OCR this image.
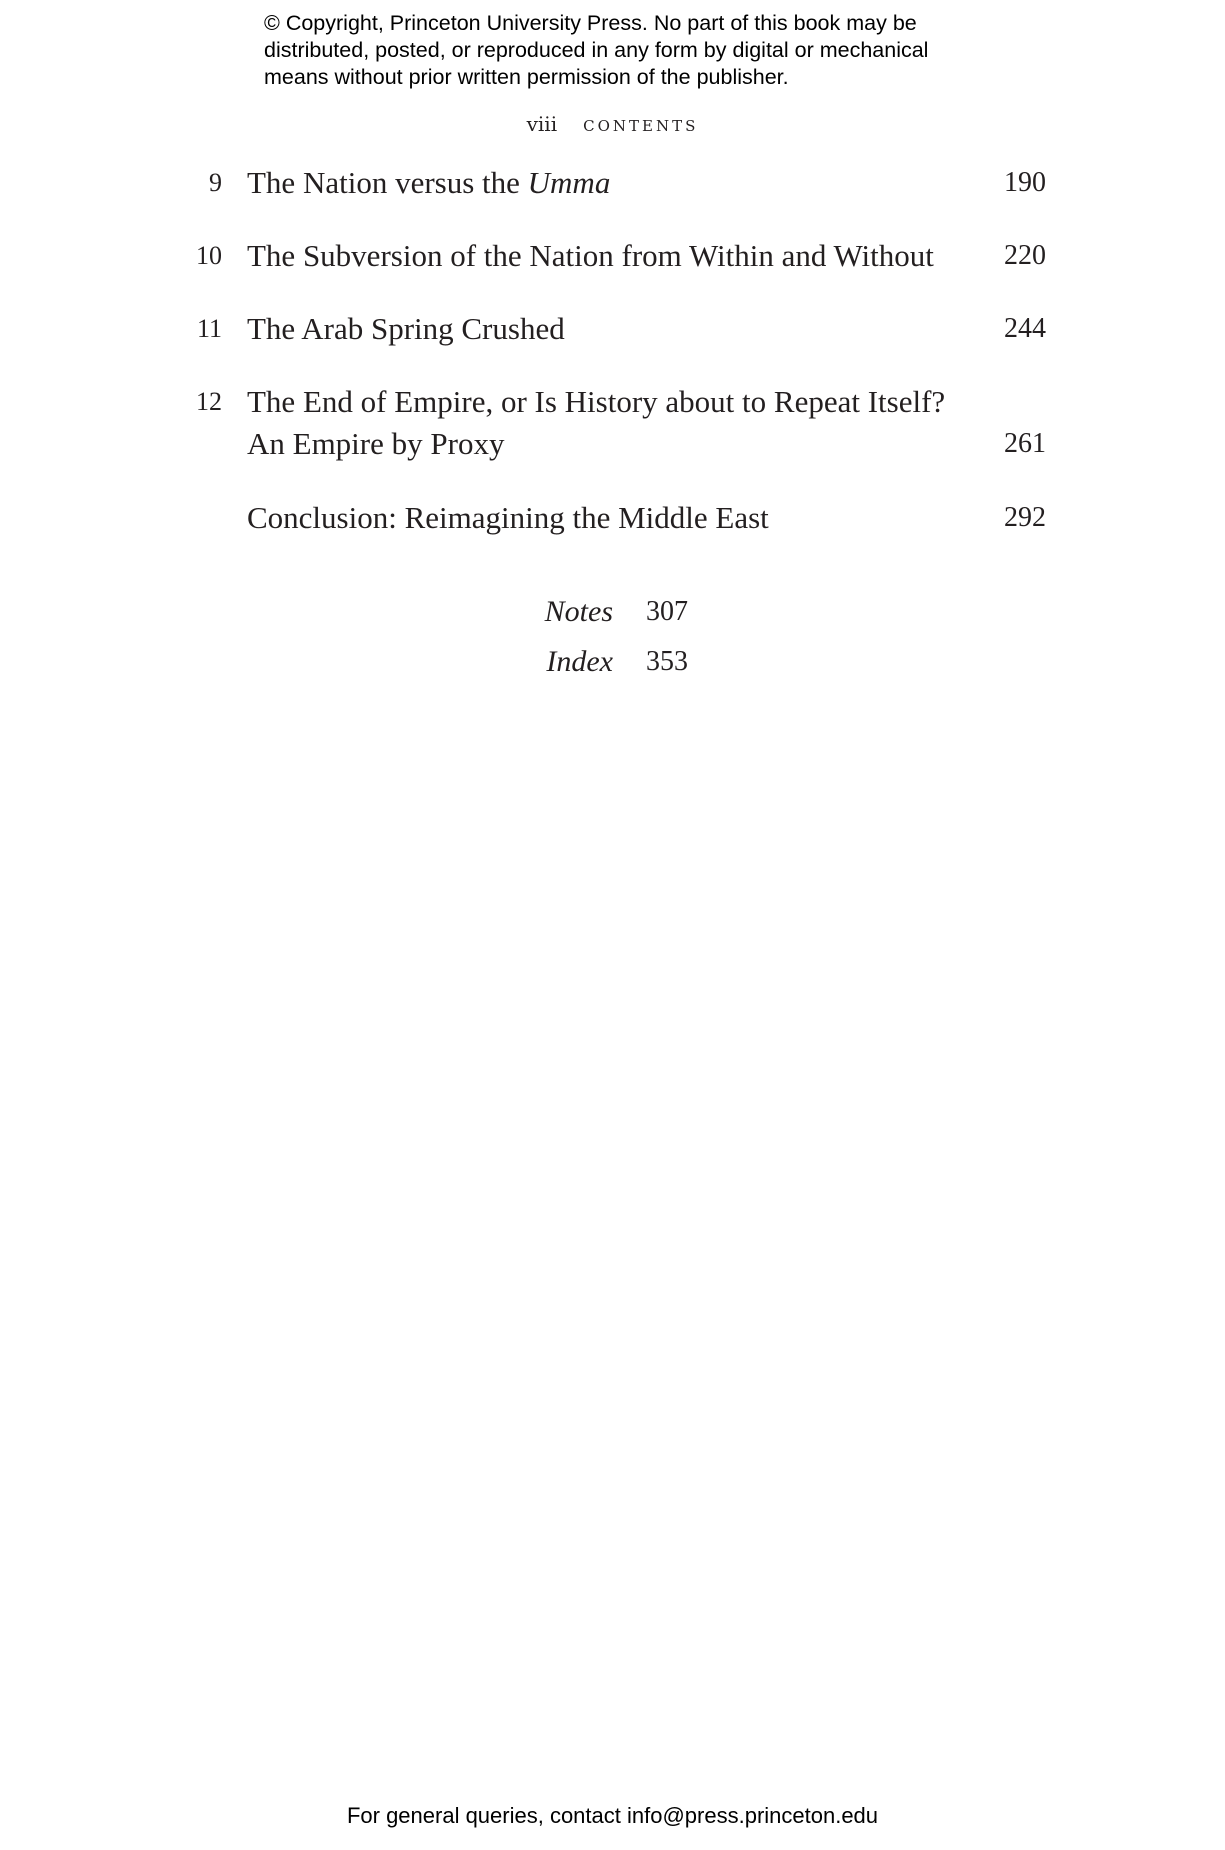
© Copyright, Princeton University Press. No part of this book may be
distributed, posted, or reproduced in any form by digital or mechanical
means without prior written permission of the publisher.
viii CONTENTS
9 The Nation versus the Umma	190
10 The Subversion of the Nation from Within and Without	220
11 The Arab Spring Crushed	244
12 The End of Empire, or Is History about to Repeat Itself?
An Empire by Proxy	261
Conclusion: Reimagining the Middle East	292
Notes 307
Index 353
For general queries, contact info@press.princeton.edu
